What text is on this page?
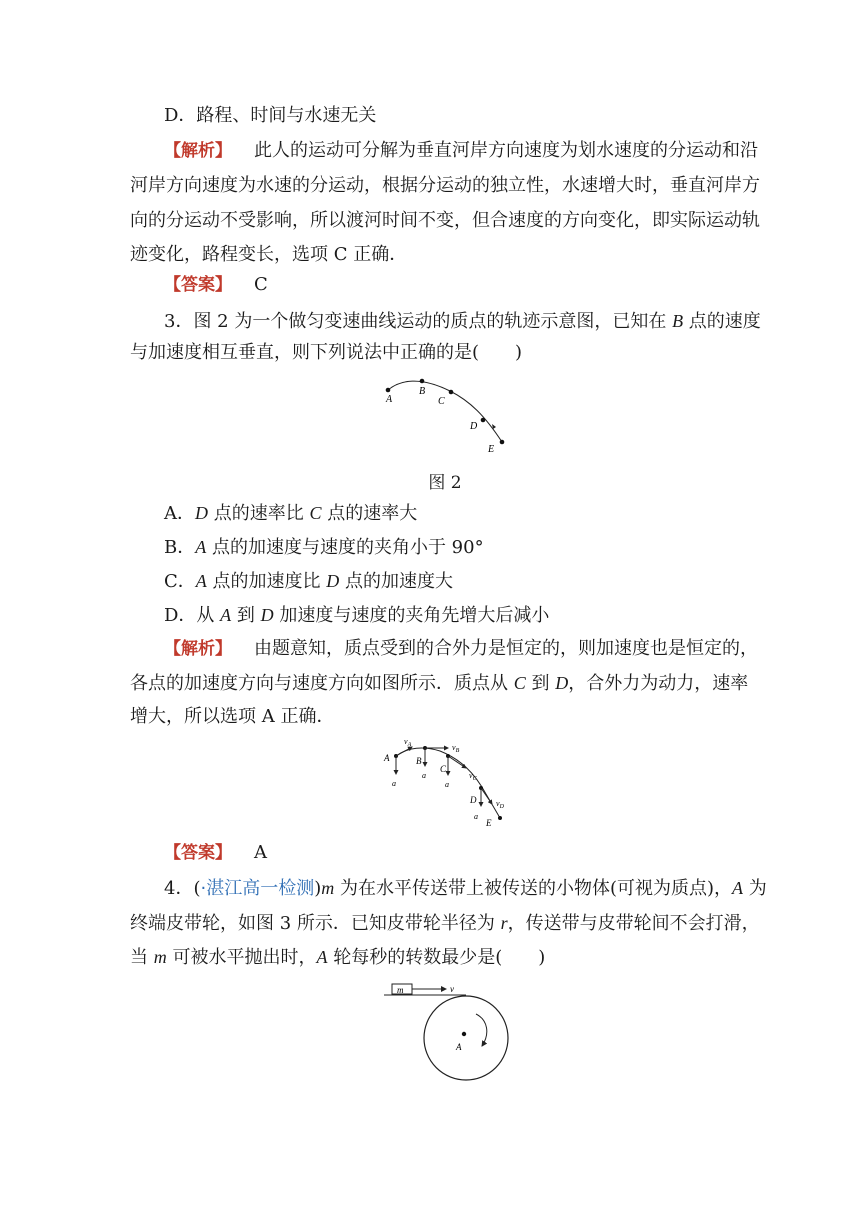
D．路程、时间与水速无关
【解析】 此人的运动可分解为垂直河岸方向速度为划水速度的分运动和沿
河岸方向速度为水速的分运动，根据分运动的独立性，水速增大时，垂直河岸方
向的分运动不受影响，所以渡河时间不变，但合速度的方向变化，即实际运动轨
迹变化，路程变长，选项 C 正确．
【答案】 C
3．图 2 为一个做匀变速曲线运动的质点的轨迹示意图，已知在 B 点的速度
与加速度相互垂直，则下列说法中正确的是(　　)
A
B
C
D
E
图 2
A．D 点的速率比 C 点的速率大
B．A 点的加速度与速度的夹角小于 90°
C．A 点的加速度比 D 点的加速度大
D．从 A 到 D 加速度与速度的夹角先增大后减小
【解析】 由题意知，质点受到的合外力是恒定的，则加速度也是恒定的，
各点的加速度方向与速度方向如图所示．质点从 C 到 D，合外力为动力，速率
增大，所以选项 A 正确．
A	B
C
D
E
a
a
a
a
$v_A$	$v_B$
$v_C$
$v_D$
【答案】 A
4．(·湛江高一检测)m 为在水平传送带上被传送的小物体(可视为质点)，A 为
终端皮带轮，如图 3 所示．已知皮带轮半径为 r，传送带与皮带轮间不会打滑，
当 m 可被水平抛出时，A 轮每秒的转数最少是(　　)
m	v
A
